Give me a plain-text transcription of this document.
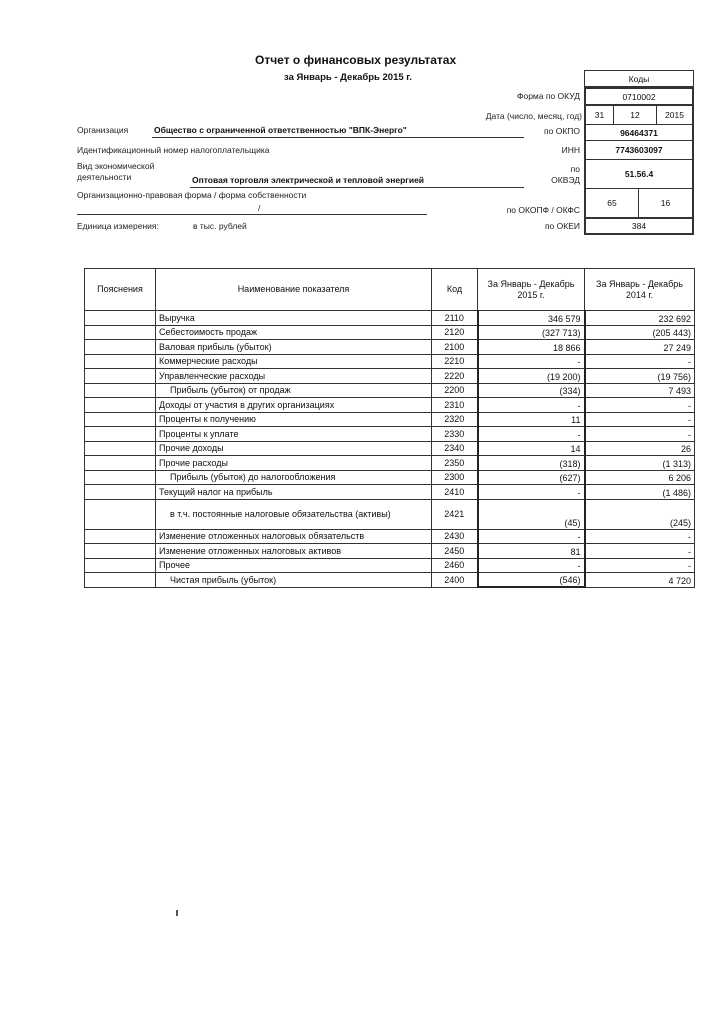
Отчет о финансовых результатах
за Январь - Декабрь 2015 г.	Коды
Форма по ОКУД	0710002
Дата (число, месяц, год) 31	12	2015
Организация	Общество с ограниченной ответственностью "ВПК-Энерго"	по ОКПО	96464371
Идентификационный номер налогоплательщика	ИНН	7743603097
Вид экономической
деятельности	Оптовая торговля электрической и тепловой энергией
по
ОКВЭД
51.56.4
Организационно-правовая форма / форма собственности
/	по ОКОПФ / ОКФС
65	16
Единица измерения:	в тыс. рублей	по ОКЕИ	384
Пояснения	Наименование показателя	Код	За Январь - Декабрь 2015 г.	За Январь - Декабрь 2014 г.
	Выручка	2110	346 579	232 692
	Себестоимость продаж	2120	(327 713)	(205 443)
	Валовая прибыль (убыток)	2100	18 866	27 249
	Коммерческие расходы	2210	-	-
	Управленческие расходы	2220	(19 200)	(19 756)
	Прибыль (убыток) от продаж	2200	(334)	7 493
	Доходы от участия в других организациях	2310	-	-
	Проценты к получению	2320	11	-
	Проценты к уплате	2330	-	-
	Прочие доходы	2340	14	26
	Прочие расходы	2350	(318)	(1 313)
	Прибыль (убыток) до налогообложения	2300	(627)	6 206
	Текущий налог на прибыль	2410	-	(1 486)
	в т.ч. постоянные налоговые обязательства (активы)	2421	(45)	(245)
	Изменение отложенных налоговых обязательств	2430	-	-
	Изменение отложенных налоговых активов	2450	81	-
	Прочее	2460	-	-
	Чистая прибыль (убыток)	2400	(546)	4 720
